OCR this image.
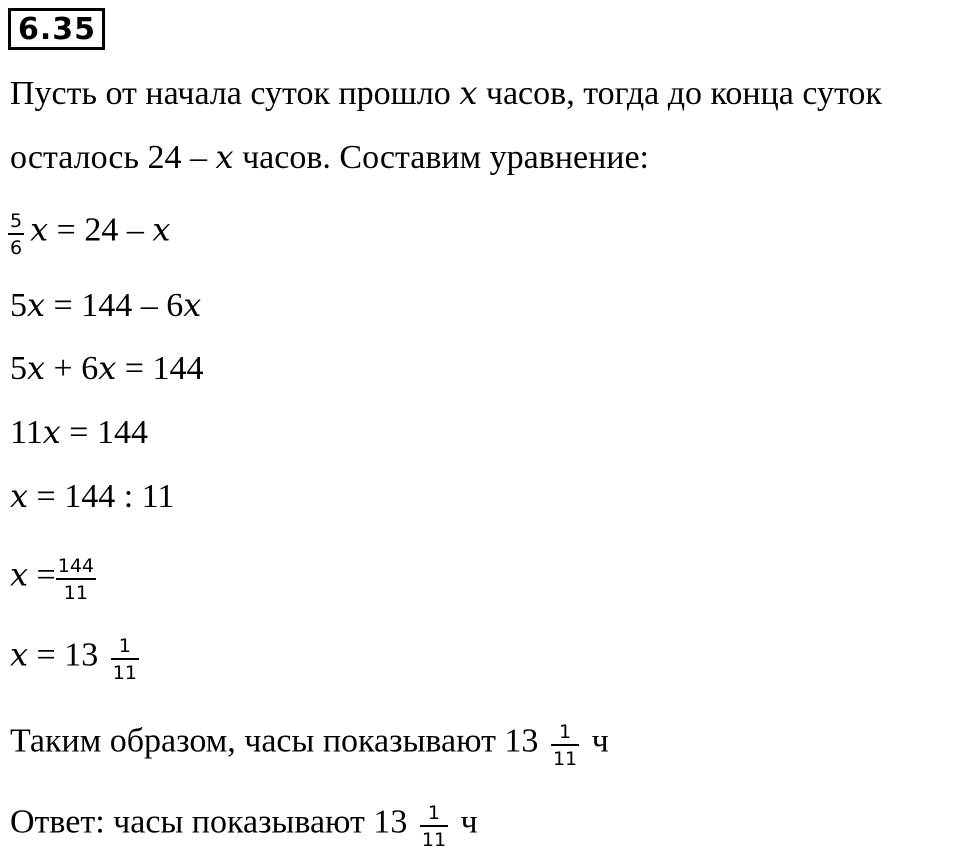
6.35
Пусть от начала суток прошло x часов, тогда до конца суток
осталось 24 – x часов. Составим уравнение:
$\frac{5}{6}$ x = 24 – x
5x = 144 – 6x
5x + 6x = 144
11x = 144
x = 144 : 11
$x = \frac{144}{11}$
$x = 13 \frac{1}{11}$
Таким образом, часы показывают $13 \frac{1}{11}$ ч
Ответ: часы показывают $13 \frac{1}{11}$ ч
